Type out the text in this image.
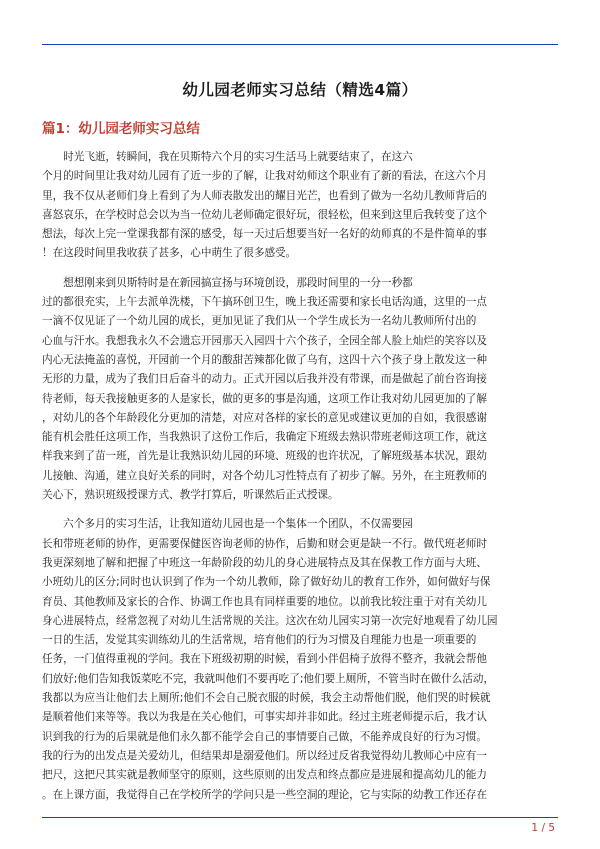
幼儿园老师实习总结（精选4篇）
篇1：幼儿园老师实习总结
　　时光飞逝，转瞬间，我在贝斯特六个月的实习生活马上就要结束了，在这六
个月的时间里让我对幼儿园有了近一步的了解，让我对幼师这个职业有了新的看法，在这六个月
里，我不仅从老师们身上看到了为人师表散发出的耀目光芒，也看到了做为一名幼儿教师背后的
喜怒哀乐，在学校时总会以为当一位幼儿老师确定很好玩，很轻松，但来到这里后我转变了这个
想法，每次上完一堂课我都有深的感受，每一天过后想要当好一名好的幼师真的不是件简单的事
！在这段时间里我收获了甚多，心中萌生了很多感受。
　　想想刚来到贝斯特时是在新园搞宣扬与环境创设，那段时间里的一分一秒都
过的都很充实，上午去派单洗楼，下午搞环创卫生，晚上我还需要和家长电话沟通，这里的一点
一滴不仅见证了一个幼儿园的成长，更加见证了我们从一个学生成长为一名幼儿教师所付出的
心血与汗水。我想我永久不会遗忘开园那天入园四十六个孩子，全园全部人脸上灿烂的笑容以及
内心无法掩盖的喜悦，开园前一个月的酸甜苦辣都化做了乌有，这四十六个孩子身上散发这一种
无形的力量，成为了我们日后奋斗的动力。正式开园以后我并没有带课，而是做起了前台咨询接
待老师，每天我接触更多的人是家长，做的更多的事是沟通，这项工作让我对幼儿园更加的了解
，对幼儿的各个年龄段化分更加的清楚，对应对各样的家长的意见或建议更加的自如，我很感谢
能有机会胜任这项工作，当我熟识了这份工作后，我确定下班级去熟识带班老师这项工作，就这
样我来到了苗一班，首先是让我熟识幼儿园的环境、班级的也许状况，了解班级基本状况，跟幼
儿接触、沟通，建立良好关系的同时，对各个幼儿习性特点有了初步了解。另外，在主班教师的
关心下，熟识班级授课方式、教学打算后，听课然后正式授课。
　　六个多月的实习生活，让我知道幼儿园也是一个集体一个团队，不仅需要园
长和带班老师的协作，更需要保健医咨询老师的协作，后勤和财会更是缺一不行。做代班老师时
我更深刻地了解和把握了中班这一年龄阶段的幼儿的身心进展特点及其在保教工作方面与大班、
小班幼儿的区分;同时也认识到了作为一个幼儿教师，除了做好幼儿的教育工作外，如何做好与保
育员、其他教师及家长的合作、协调工作也具有同样重要的地位。以前我比较注重于对有关幼儿
身心进展特点，经常忽视了对幼儿生活常规的关注。这次在幼儿园实习第一次完好地观看了幼儿园
一日的生活，发觉其实训练幼儿的生活常规，培育他们的行为习惯及自理能力也是一项重要的
任务，一门值得重视的学问。我在下班级初期的时候，看到小伴侣椅子放得不整齐，我就会帮他
们放好;他们告知我饭菜吃不完，我就叫他们不要再吃了;他们要上厕所，不管当时在做什么活动，
我都以为应当让他们去上厕所;他们不会自己脱衣服的时候，我会主动帮他们脱，他们哭的时候就
是顺着他们来等等。我以为我是在关心他们，可事实却并非如此。经过主班老师提示后，我才认
识到我的行为的后果就是他们永久都不能学会自己的事情要自己做，不能养成良好的行为习惯。
我的行为的出发点是关爱幼儿，但结果却是溺爱他们。所以经过反省我觉得幼儿教师心中应有一
把尺，这把尺其实就是教师坚守的原则，这些原则的出发点和终点都应是进展和提高幼儿的能力
。在上课方面，我觉得自己在学校所学的学问只是一些空洞的理论，它与实际的幼教工作还存在
1 / 5
